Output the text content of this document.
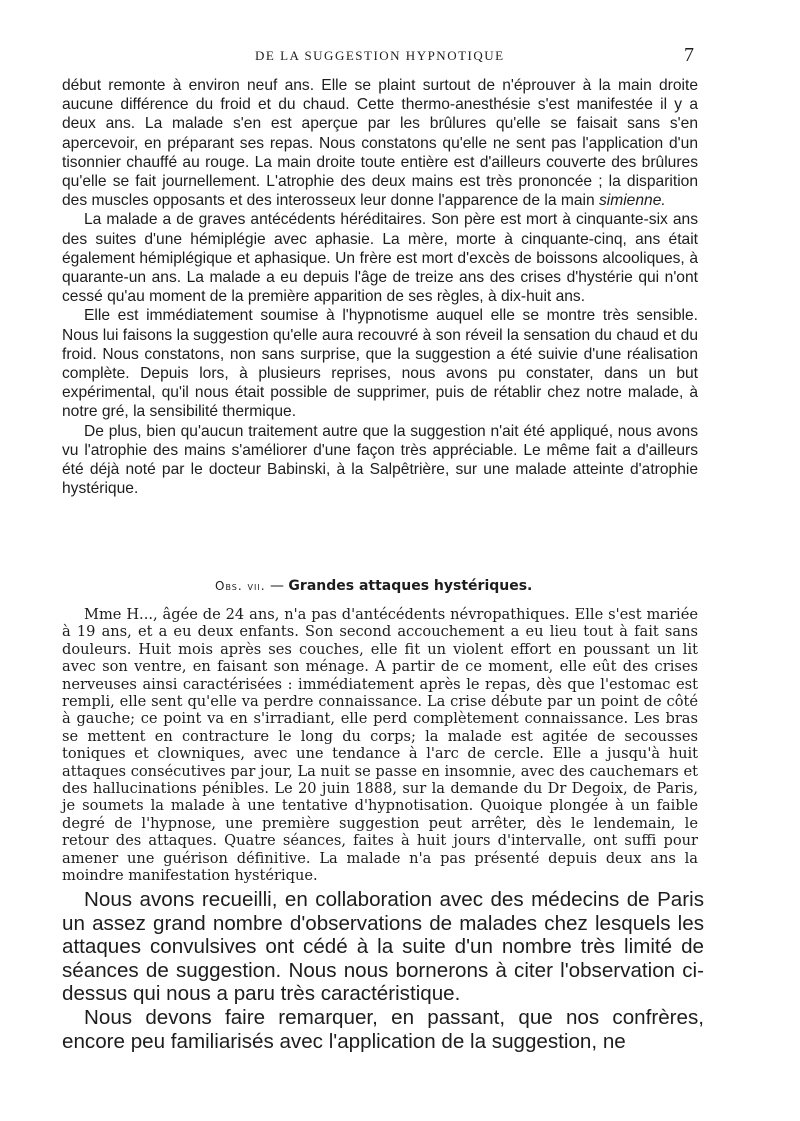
DE LA SUGGESTION HYPNOTIQUE	7

début remonte à environ neuf ans. Elle se plaint surtout de n'éprouver à la main droite aucune différence du froid et du chaud. Cette thermo-anesthésie s'est manifestée il y a deux ans. La malade s'en est aperçue par les brûlures qu'elle se faisait sans s'en apercevoir, en préparant ses repas. Nous constatons qu'elle ne sent pas l'application d'un tisonnier chauffé au rouge. La main droite toute entière est d'ailleurs couverte des brûlures qu'elle se fait journellement. L'atrophie des deux mains est très prononcée ; la disparition des muscles opposants et des interosseux leur donne l'apparence de la main simienne.

La malade a de graves antécédents héréditaires. Son père est mort à cinquante-six ans des suites d'une hémiplégie avec aphasie. La mère, morte à cinquante-cinq, ans était également hémiplégique et aphasique. Un frère est mort d'excès de boissons alcooliques, à quarante-un ans. La malade a eu depuis l'âge de treize ans des crises d'hystérie qui n'ont cessé qu'au moment de la première apparition de ses règles, à dix-huit ans.

Elle est immédiatement soumise à l'hypnotisme auquel elle se montre très sensible. Nous lui faisons la suggestion qu'elle aura recouvré à son réveil la sensation du chaud et du froid. Nous constatons, non sans surprise, que la suggestion a été suivie d'une réalisation complète. Depuis lors, à plusieurs reprises, nous avons pu constater, dans un but expérimental, qu'il nous était possible de supprimer, puis de rétablir chez notre malade, à notre gré, la sensibilité thermique.

De plus, bien qu'aucun traitement autre que la suggestion n'ait été appliqué, nous avons vu l'atrophie des mains s'améliorer d'une façon très appréciable. Le même fait a d'ailleurs été déjà noté par le docteur Babinski, à la Salpêtrière, sur une malade atteinte d'atrophie hystérique.

Obs. vii. — Grandes attaques hystériques.

Mme H..., âgée de 24 ans, n'a pas d'antécédents névropathiques. Elle s'est mariée à 19 ans, et a eu deux enfants. Son second accouchement a eu lieu tout à fait sans douleurs. Huit mois après ses couches, elle fit un violent effort en poussant un lit avec son ventre, en faisant son ménage. A partir de ce moment, elle eût des crises nerveuses ainsi caractérisées : immédiatement après le repas, dès que l'estomac est rempli, elle sent qu'elle va perdre connaissance. La crise débute par un point de côté à gauche; ce point va en s'irradiant, elle perd complètement connaissance. Les bras se mettent en contracture le long du corps; la malade est agitée de secousses toniques et clowniques, avec une tendance à l'arc de cercle. Elle a jusqu'à huit attaques consécutives par jour, La nuit se passe en insomnie, avec des cauchemars et des hallucinations pénibles. Le 20 juin 1888, sur la demande du Dr Degoix, de Paris, je soumets la malade à une tentative d'hypnotisation. Quoique plongée à un faible degré de l'hypnose, une première suggestion peut arrêter, dès le lendemain, le retour des attaques. Quatre séances, faites à huit jours d'intervalle, ont suffi pour amener une guérison définitive. La malade n'a pas présenté depuis deux ans la moindre manifestation hystérique.

Nous avons recueilli, en collaboration avec des médecins de Paris un assez grand nombre d'observations de malades chez lesquels les attaques convulsives ont cédé à la suite d'un nombre très limité de séances de suggestion. Nous nous bornerons à citer l'observation ci-dessus qui nous a paru très caractéristique.

Nous devons faire remarquer, en passant, que nos confrères, encore peu familiarisés avec l'application de la suggestion, ne
